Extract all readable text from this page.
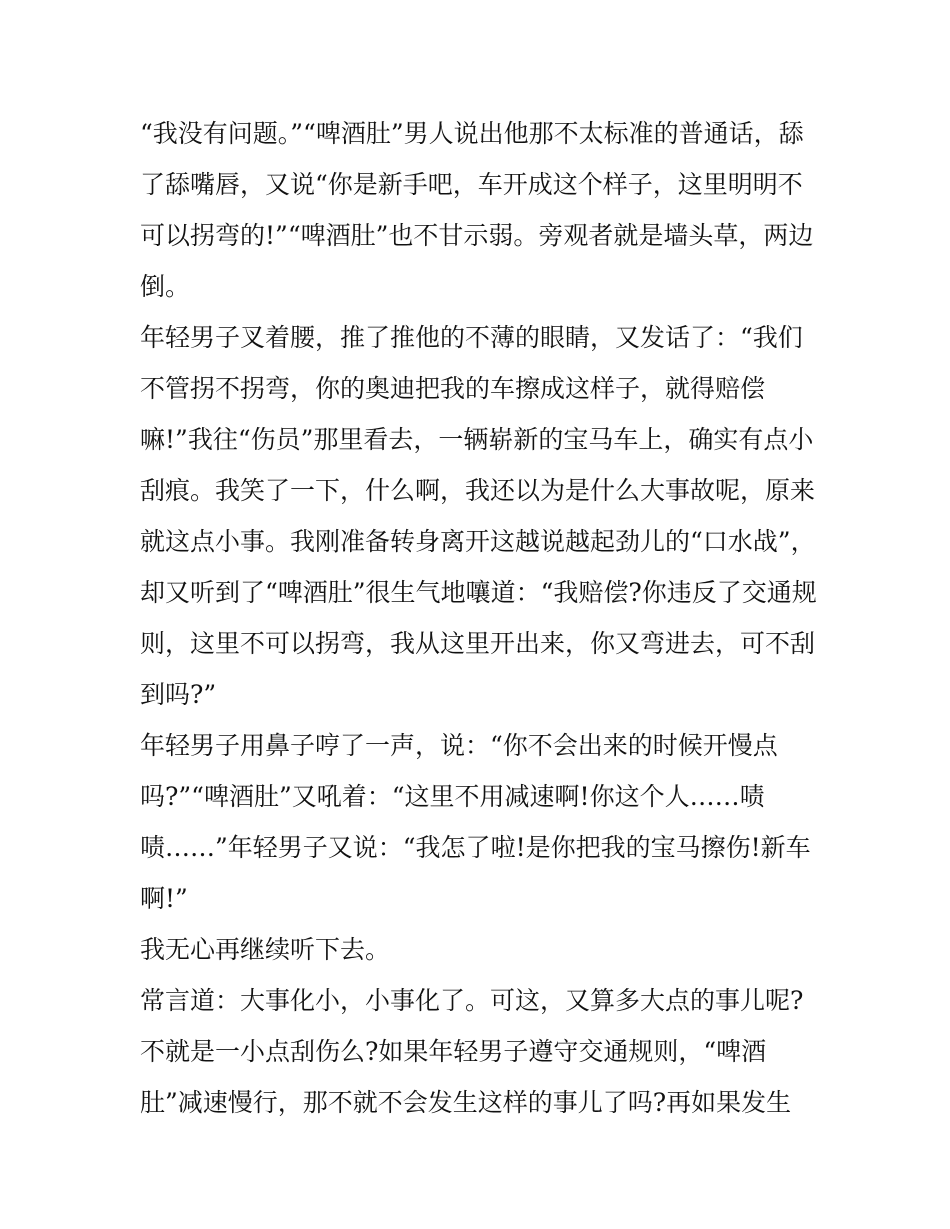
“我没有问题。”“啤酒肚”男人说出他那不太标准的普通话，舔
了舔嘴唇，又说“你是新手吧，车开成这个样子，这里明明不
可以拐弯的!”“啤酒肚”也不甘示弱。旁观者就是墙头草，两边
倒。
年轻男子叉着腰，推了推他的不薄的眼睛，又发话了：“我们
不管拐不拐弯，你的奥迪把我的车擦成这样子，就得赔偿
嘛!”我往“伤员”那里看去，一辆崭新的宝马车上，确实有点小
刮痕。我笑了一下，什么啊，我还以为是什么大事故呢，原来
就这点小事。我刚准备转身离开这越说越起劲儿的“口水战”，
却又听到了“啤酒肚”很生气地嚷道：“我赔偿?你违反了交通规
则，这里不可以拐弯，我从这里开出来，你又弯进去，可不刮
到吗?”
年轻男子用鼻子哼了一声，说：“你不会出来的时候开慢点
吗?”“啤酒肚”又吼着：“这里不用减速啊!你这个人……啧
啧……”年轻男子又说：“我怎了啦!是你把我的宝马擦伤!新车
啊!”
我无心再继续听下去。
常言道：大事化小，小事化了。可这，又算多大点的事儿呢?
不就是一小点刮伤么?如果年轻男子遵守交通规则，“啤酒
肚”减速慢行，那不就不会发生这样的事儿了吗?再如果发生
